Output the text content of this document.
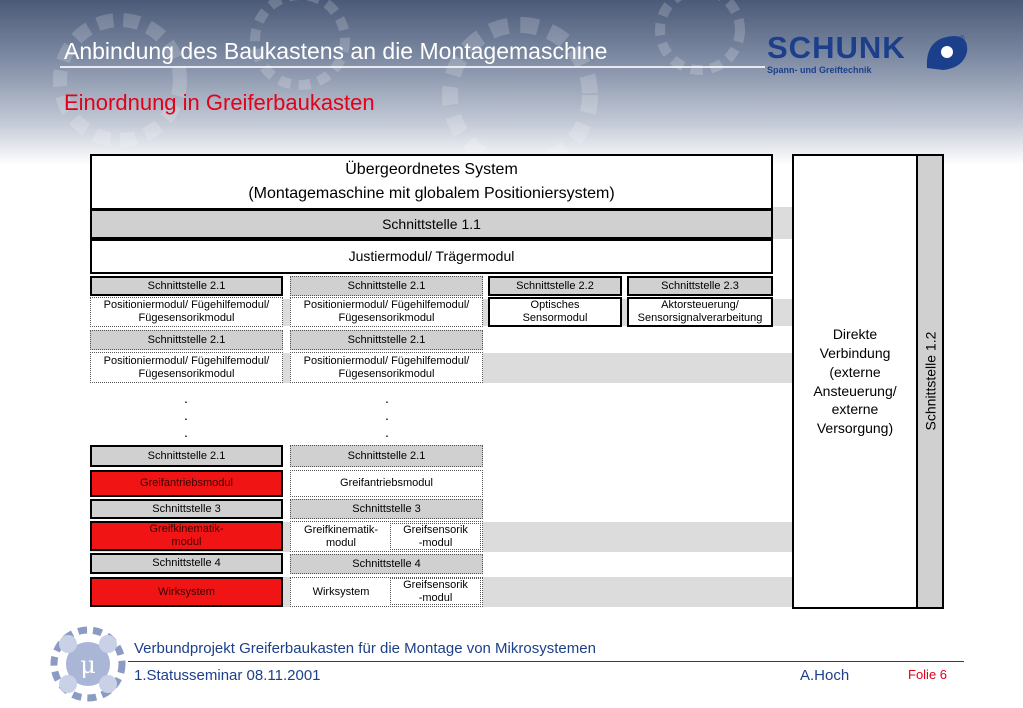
Anbindung des Baukastens an die Montagemaschine
Einordnung in Greiferbaukasten
SCHUNK
Spann- und Greiftechnik
®
Übergeordnetes System
(Montagemaschine mit globalem Positioniersystem)
Schnittstelle 1.1
Justiermodul/ Trägermodul
Schnittstelle 2.1	Schnittstelle 2.1	Schnittstelle 2.2	Schnittstelle 2.3
Positioniermodul/ Fügehilfemodul/
Fügesensorikmodul
Positioniermodul/ Fügehilfemodul/
Fügesensorikmodul
Optisches
Sensormodul
Aktorsteuerung/
Sensorsignalverarbeitung
Schnittstelle 2.1	Schnittstelle 2.1
Positioniermodul/ Fügehilfemodul/
Fügesensorikmodul
Positioniermodul/ Fügehilfemodul/
Fügesensorikmodul
.
.
.
.
.
.
Schnittstelle 2.1
Greifantriebsmodul
Schnittstelle 3
Greifkinematik-
modul
Schnittstelle 4
Wirksystem
Schnittstelle 2.1
Greifantriebsmodul
Schnittstelle 3
Greifkinematik-
modul
Greifsensorik
-modul
Schnittstelle 4
Wirksystem
Greifsensorik
-modul
Direkte
Verbindung
(externe
Ansteuerung/
externe
Versorgung) Schnittstelle 1.2
μ
Verbundprojekt Greiferbaukasten für die Montage von Mikrosystemen
1.Statusseminar 08.11.2001	A.Hoch	Folie 6
